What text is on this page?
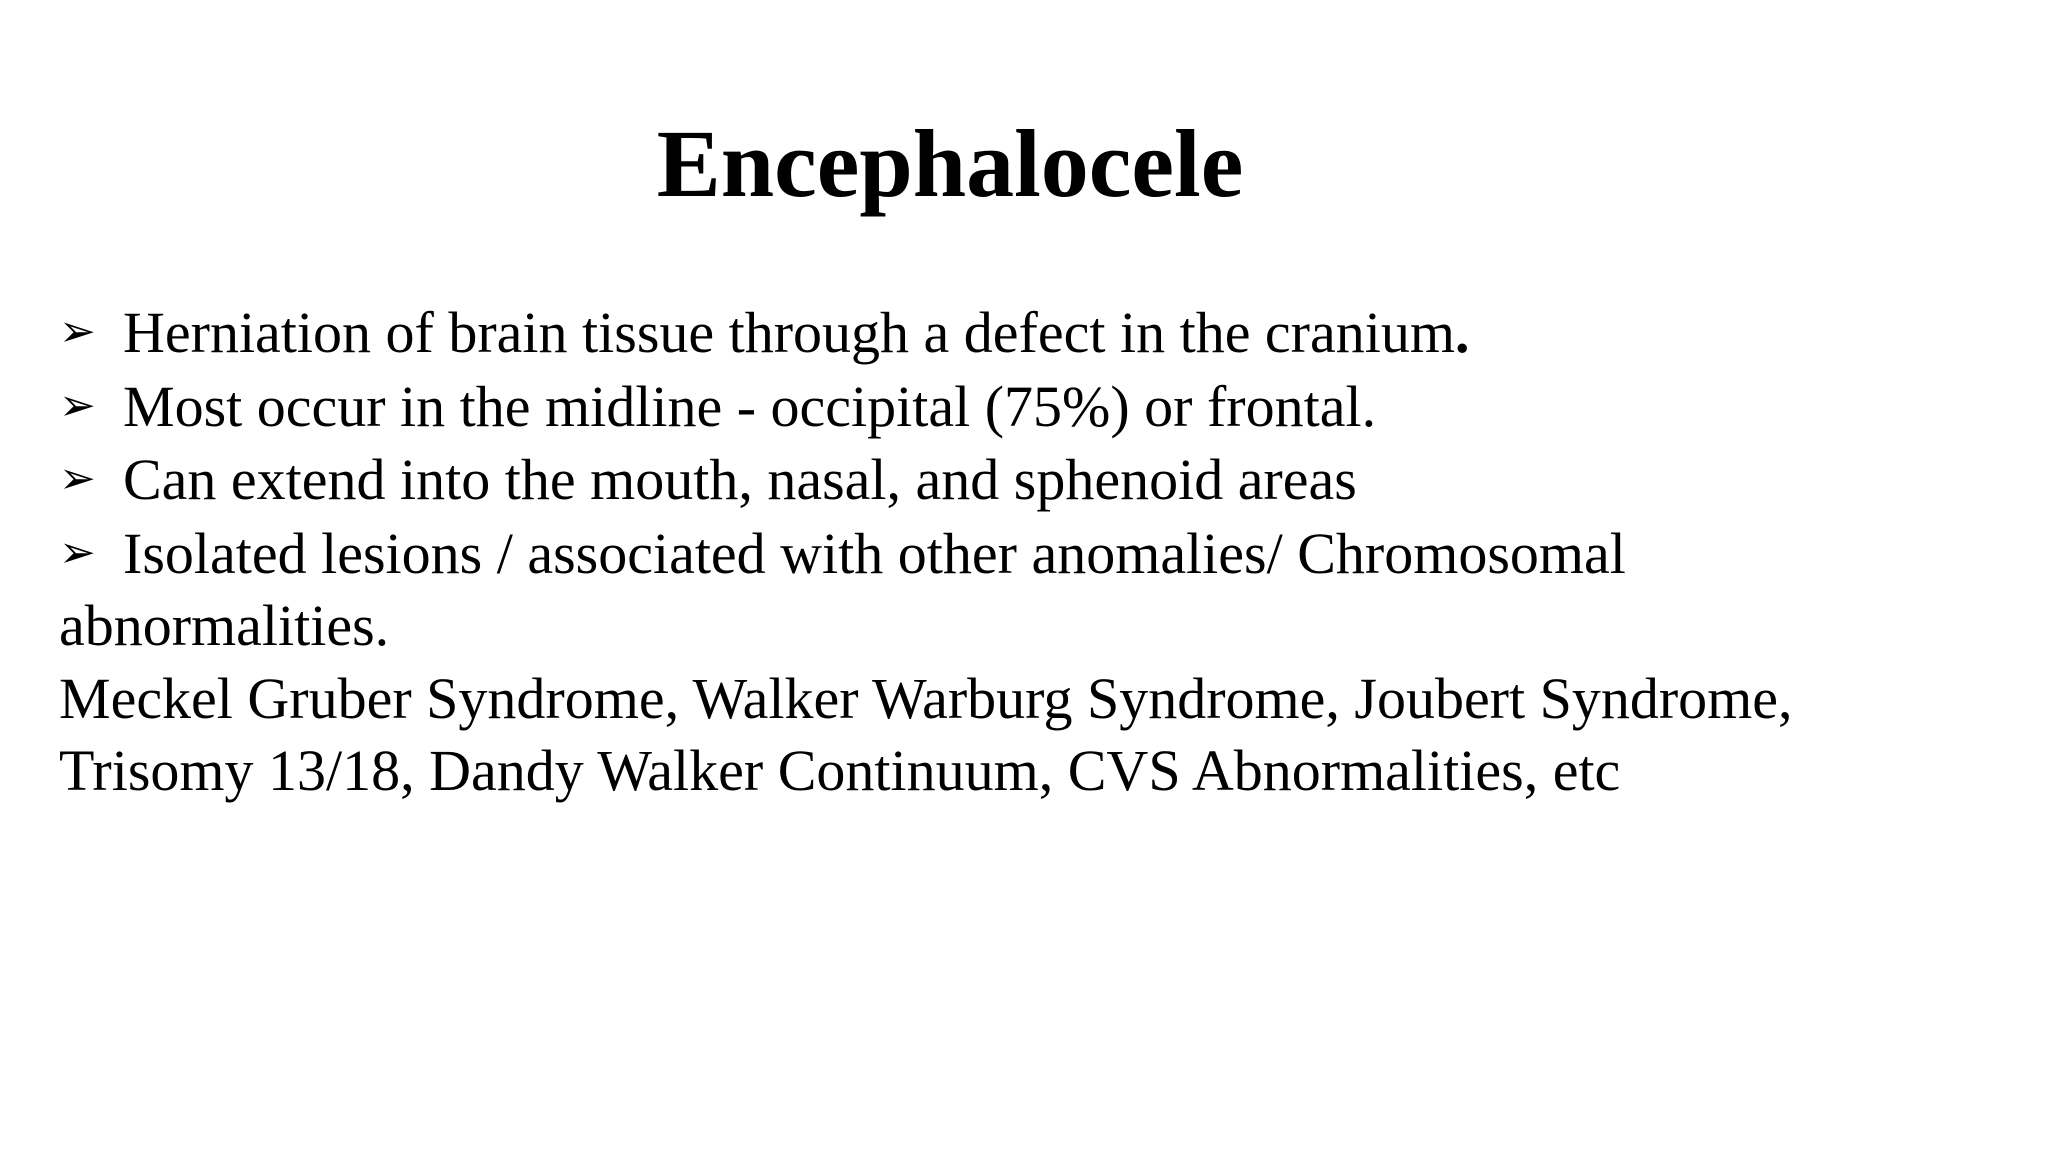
Encephalocele
➢ Herniation of brain tissue through a defect in the cranium.
➢ Most occur in the midline - occipital (75%) or frontal.
➢ Can extend into the mouth, nasal, and sphenoid areas
➢ Isolated lesions / associated with other anomalies/ Chromosomal
abnormalities.
Meckel Gruber Syndrome, Walker Warburg Syndrome, Joubert Syndrome,
Trisomy 13/18, Dandy Walker Continuum, CVS Abnormalities, etc
